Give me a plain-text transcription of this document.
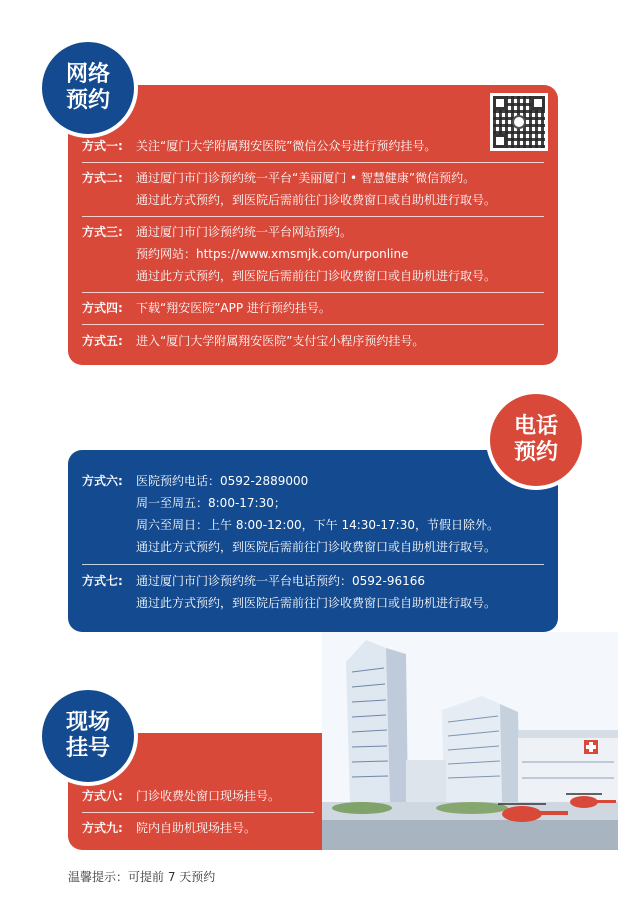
方式一: 关注“厦门大学附属翔安医院”微信公众号进行预约挂号。
方式二: 通过厦门市门诊预约统一平台“美丽厦门 • 智慧健康”微信预约。
通过此方式预约，到医院后需前往门诊收费窗口或自助机进行取号。
方式三: 通过厦门市门诊预约统一平台网站预约。
预约网站：https://www.xmsmjk.com/urponline
通过此方式预约，到医院后需前往门诊收费窗口或自助机进行取号。
方式四: 下载“翔安医院”APP 进行预约挂号。
方式五: 进入“厦门大学附属翔安医院”支付宝小程序预约挂号。
网络
预约
方式六: 医院预约电话：0592-2889000
周一至周五：8:00-17:30；
周六至周日：上午 8:00-12:00，下午 14:30-17:30，节假日除外。
通过此方式预约，到医院后需前往门诊收费窗口或自助机进行取号。
方式七: 通过厦门市门诊预约统一平台电话预约：0592-96166
通过此方式预约，到医院后需前往门诊收费窗口或自助机进行取号。
电话
预约
方式八: 门诊收费处窗口现场挂号。
方式九: 院内自助机现场挂号。
现场
挂号
温馨提示：可提前 7 天预约
